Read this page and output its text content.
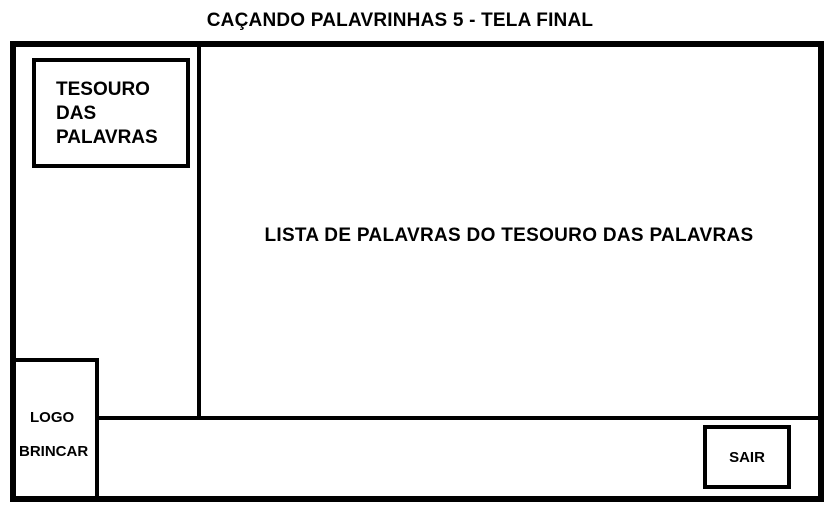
CAÇANDO PALAVRINHAS 5 - TELA FINAL
TESOURO
DAS
PALAVRAS
LOGO
BRINCAR
LISTA DE PALAVRAS DO TESOURO DAS PALAVRAS
SAIR
